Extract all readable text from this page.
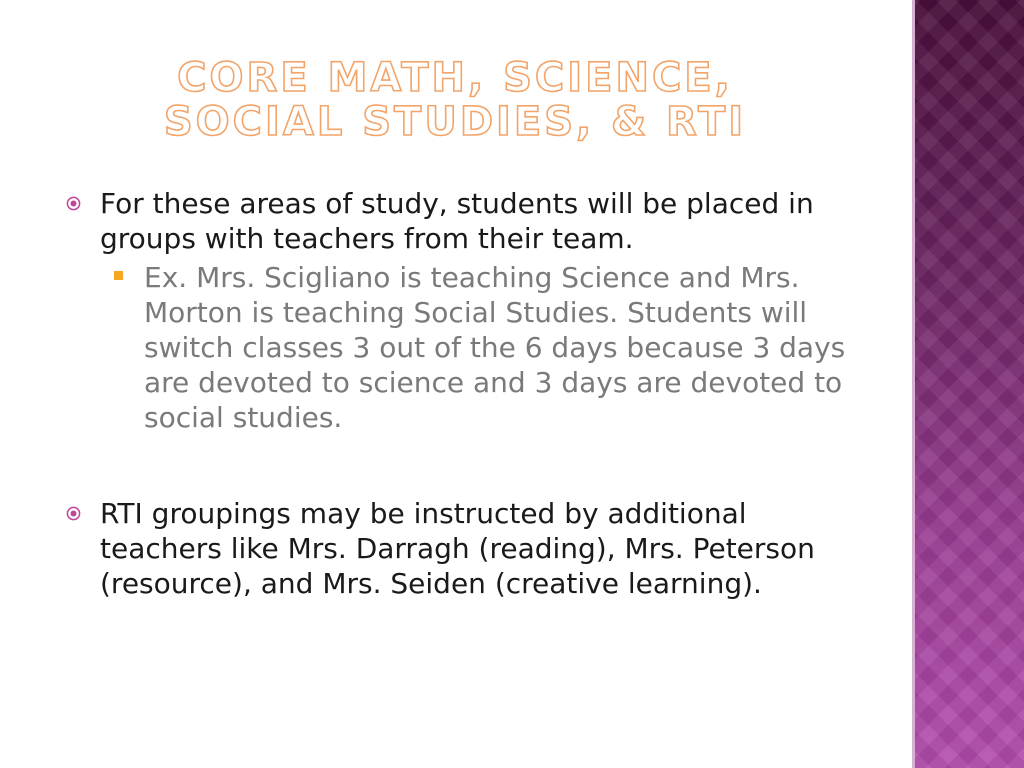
CORE MATH, SCIENCE, SOCIAL STUDIES, & RTI
For these areas of study, students will be placed in groups with teachers from their team.
Ex. Mrs. Scigliano is teaching Science and Mrs. Morton is teaching Social Studies. Students will switch classes 3 out of the 6 days because 3 days are devoted to science and 3 days are devoted to social studies.
RTI groupings may be instructed by additional teachers like Mrs. Darragh (reading), Mrs. Peterson (resource), and Mrs. Seiden (creative learning).
